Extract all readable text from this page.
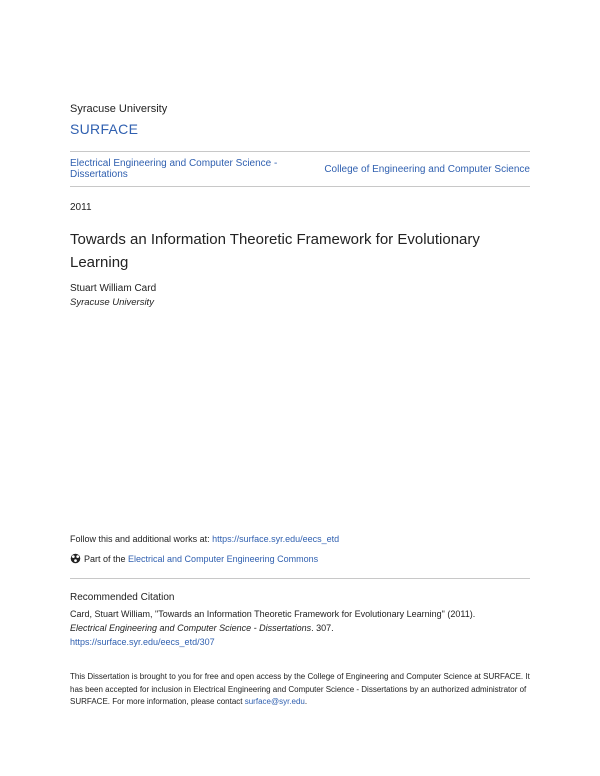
Syracuse University
SURFACE
Electrical Engineering and Computer Science - Dissertations	College of Engineering and Computer Science
2011
Towards an Information Theoretic Framework for Evolutionary Learning
Stuart William Card
Syracuse University
Follow this and additional works at: https://surface.syr.edu/eecs_etd
Part of the Electrical and Computer Engineering Commons
Recommended Citation
Card, Stuart William, "Towards an Information Theoretic Framework for Evolutionary Learning" (2011).
Electrical Engineering and Computer Science - Dissertations. 307.
https://surface.syr.edu/eecs_etd/307
This Dissertation is brought to you for free and open access by the College of Engineering and Computer Science at SURFACE. It has been accepted for inclusion in Electrical Engineering and Computer Science - Dissertations by an authorized administrator of SURFACE. For more information, please contact surface@syr.edu.
